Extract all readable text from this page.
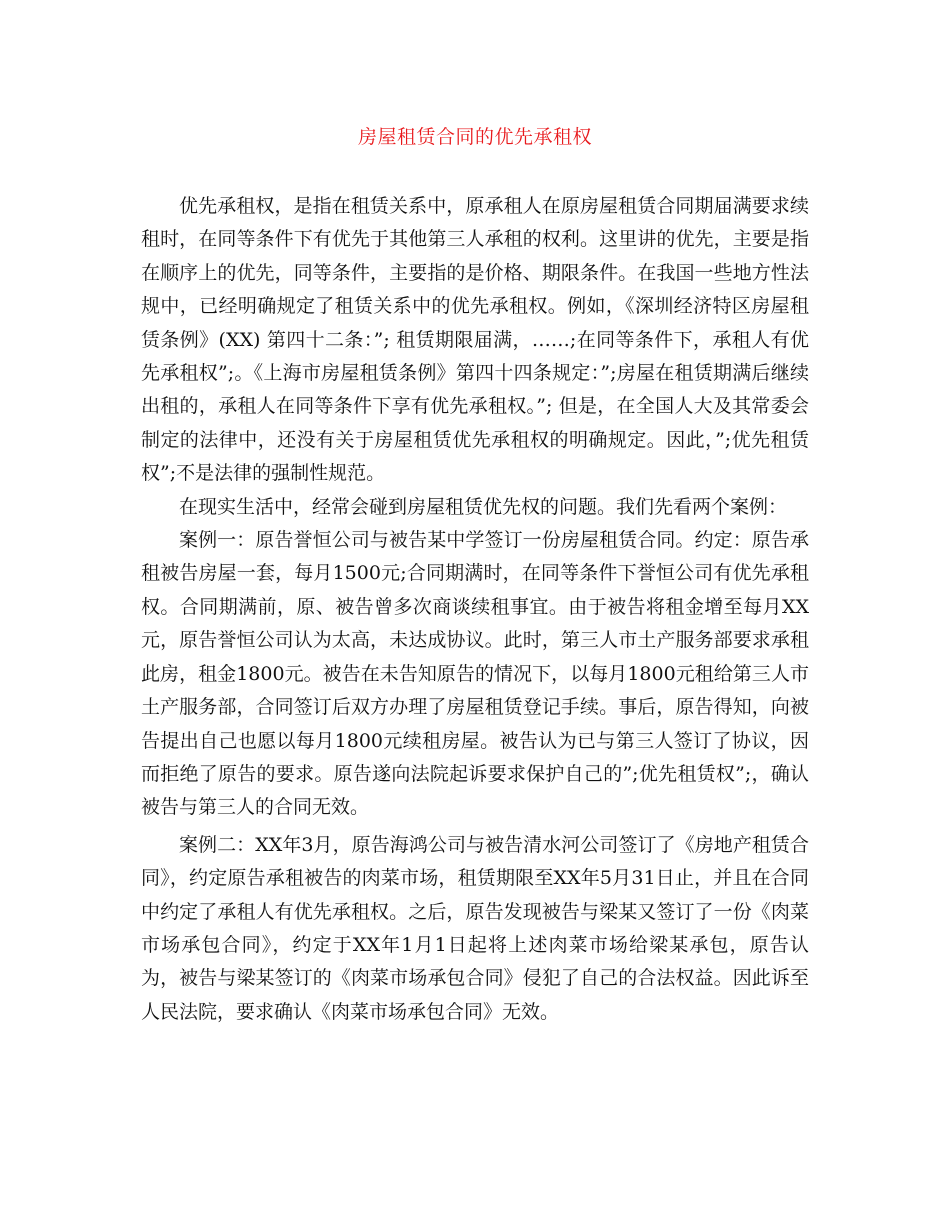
房屋租赁合同的优先承租权

优先承租权，是指在租赁关系中，原承租人在原房屋租赁合同期届满要求续租时，在同等条件下有优先于其他第三人承租的权利。这里讲的优先，主要是指在顺序上的优先，同等条件，主要指的是价格、期限条件。在我国一些地方性法规中，已经明确规定了租赁关系中的优先承租权。例如，《深圳经济特区房屋租赁条例》(XX) 第四十二条：”; 租赁期限届满，……;在同等条件下，承租人有优先承租权”;。《上海市房屋租赁条例》第四十四条规定：”;房屋在租赁期满后继续出租的，承租人在同等条件下享有优先承租权。”; 但是，在全国人大及其常委会制定的法律中，还没有关于房屋租赁优先承租权的明确规定。因此，”;优先租赁权”;不是法律的强制性规范。

在现实生活中，经常会碰到房屋租赁优先权的问题。我们先看两个案例：

案例一：原告誉恒公司与被告某中学签订一份房屋租赁合同。约定：原告承租被告房屋一套，每月1500元;合同期满时，在同等条件下誉恒公司有优先承租权。合同期满前，原、被告曾多次商谈续租事宜。由于被告将租金增至每月XX元，原告誉恒公司认为太高，未达成协议。此时，第三人市土产服务部要求承租此房，租金1800元。被告在未告知原告的情况下，以每月1800元租给第三人市土产服务部，合同签订后双方办理了房屋租赁登记手续。事后，原告得知，向被告提出自己也愿以每月1800元续租房屋。被告认为已与第三人签订了协议，因而拒绝了原告的要求。原告遂向法院起诉要求保护自己的”;优先租赁权”;，确认被告与第三人的合同无效。

案例二：XX年3月，原告海鸿公司与被告清水河公司签订了《房地产租赁合同》，约定原告承租被告的肉菜市场，租赁期限至XX年5月31日止，并且在合同中约定了承租人有优先承租权。之后，原告发现被告与梁某又签订了一份《肉菜市场承包合同》，约定于XX年1月1日起将上述肉菜市场给梁某承包，原告认为，被告与梁某签订的《肉菜市场承包合同》侵犯了自己的合法权益。因此诉至人民法院，要求确认《肉菜市场承包合同》无效。
